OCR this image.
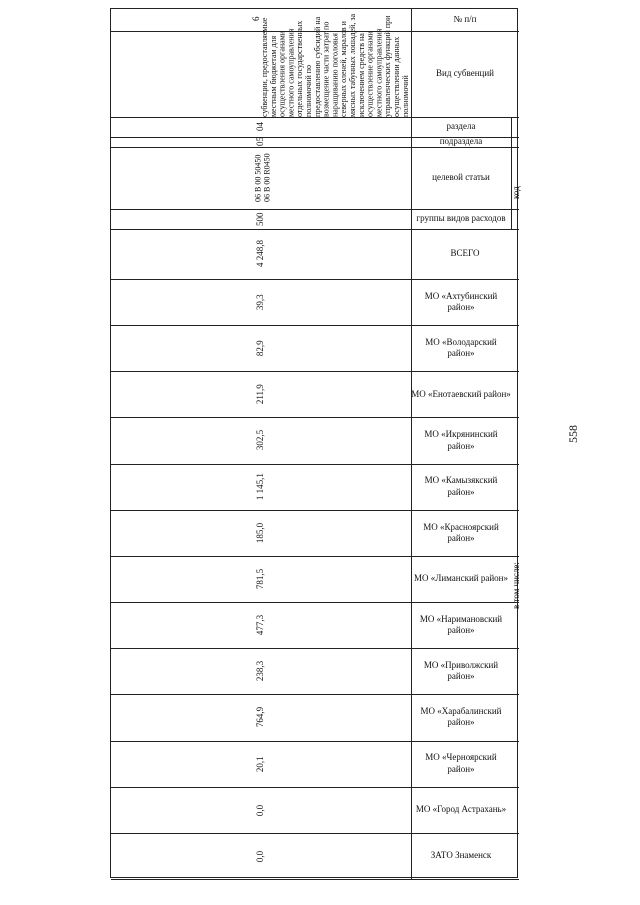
558
№ п/п
Вид субвенций
раздела
подраздела
целевой статьи
группы видов расходов
ВСЕГО
код
в том числе:
МО «Ахтубинский район»
МО «Володарский район»
МО «Енотаевский район»
МО «Икрянинский район»
МО «Камызякский район»
МО «Красноярский район»
МО «Лиманский район»
МО «Наримановский район»
МО «Приволжский район»
МО «Харабалинский район»
МО «Черноярский район»
МО «Город Астрахань»
ЗАТО Знаменск
субвенции, предоставляемые местным бюджетам для осуществления органами местного самоуправления отдельных государственных полномочий по предоставлению субсидий на возмещение части затрат по наращиванию поголовья северных оленей, маралов и мясных табунных лошадей, за исключением средств на осуществление органами местного самоуправления управленческих функций при осуществлении данных полномочий
6
04
05
06 В 00 50450
06 В 00 R0450
500
4 248,8
39,3
82,9
211,9
302,5
1 145,1
185,0
781,5
477,3
238,3
764,9
20,1
0,0
0,0
